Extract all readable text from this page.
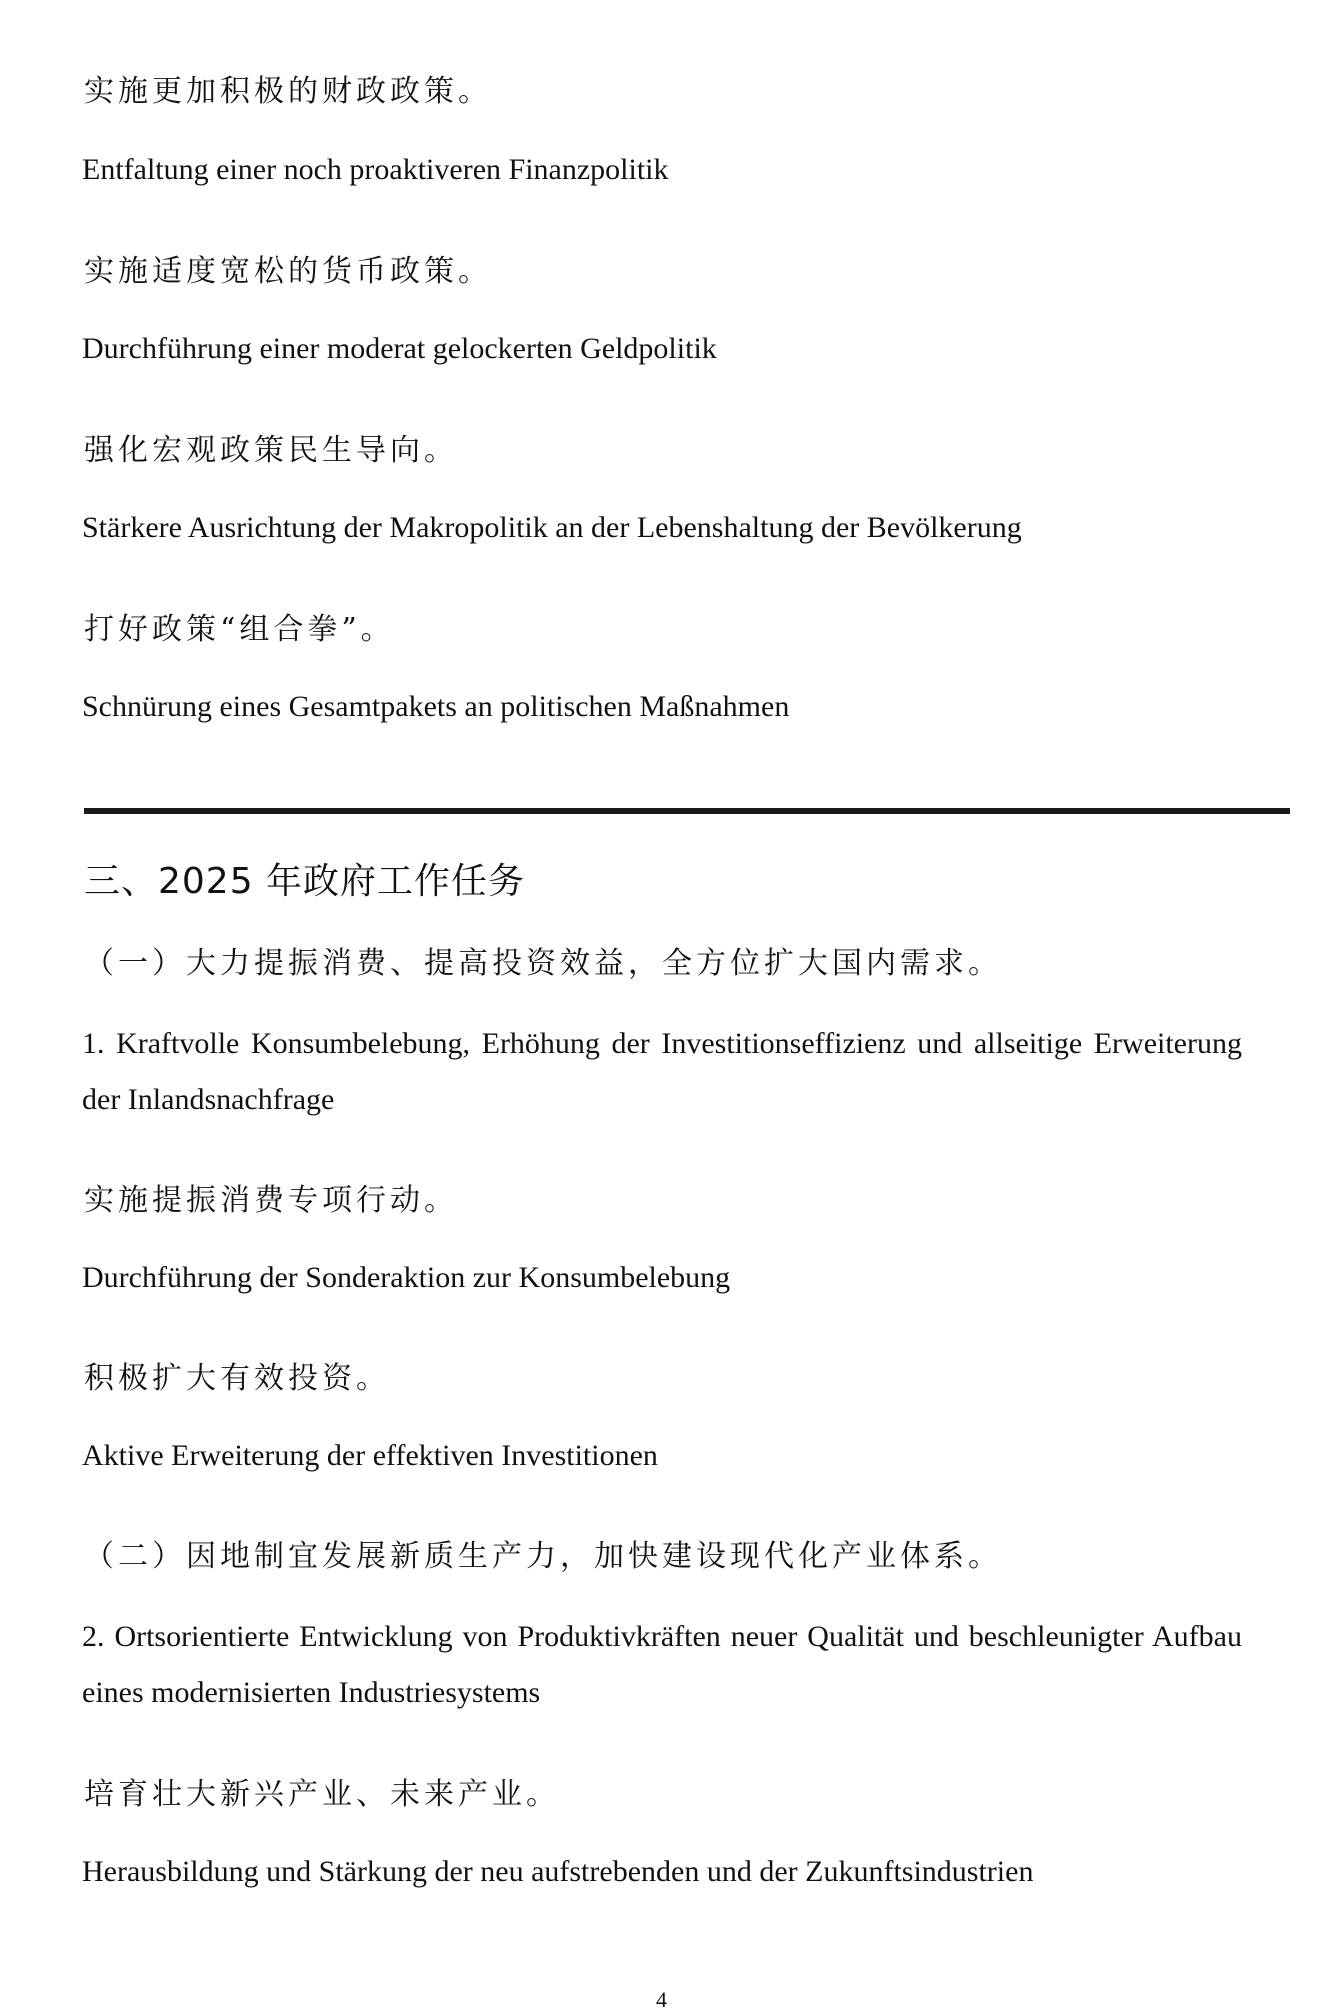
实施更加积极的财政政策。
Entfaltung einer noch proaktiveren Finanzpolitik
实施适度宽松的货币政策。
Durchführung einer moderat gelockerten Geldpolitik
强化宏观政策民生导向。
Stärkere Ausrichtung der Makropolitik an der Lebenshaltung der Bevölkerung
打好政策“组合拳”。
Schnürung eines Gesamtpakets an politischen Maßnahmen
三、2025 年政府工作任务
（一）大力提振消费、提高投资效益，全方位扩大国内需求。
1. Kraftvolle Konsumbelebung, Erhöhung der Investitionseffizienz und allseitige Erweiterung der Inlandsnachfrage
实施提振消费专项行动。
Durchführung der Sonderaktion zur Konsumbelebung
积极扩大有效投资。
Aktive Erweiterung der effektiven Investitionen
（二）因地制宜发展新质生产力，加快建设现代化产业体系。
2. Ortsorientierte Entwicklung von Produktivkräften neuer Qualität und beschleunigter Aufbau eines modernisierten Industriesystems
培育壮大新兴产业、未来产业。
Herausbildung und Stärkung der neu aufstrebenden und der Zukunftsindustrien
4
